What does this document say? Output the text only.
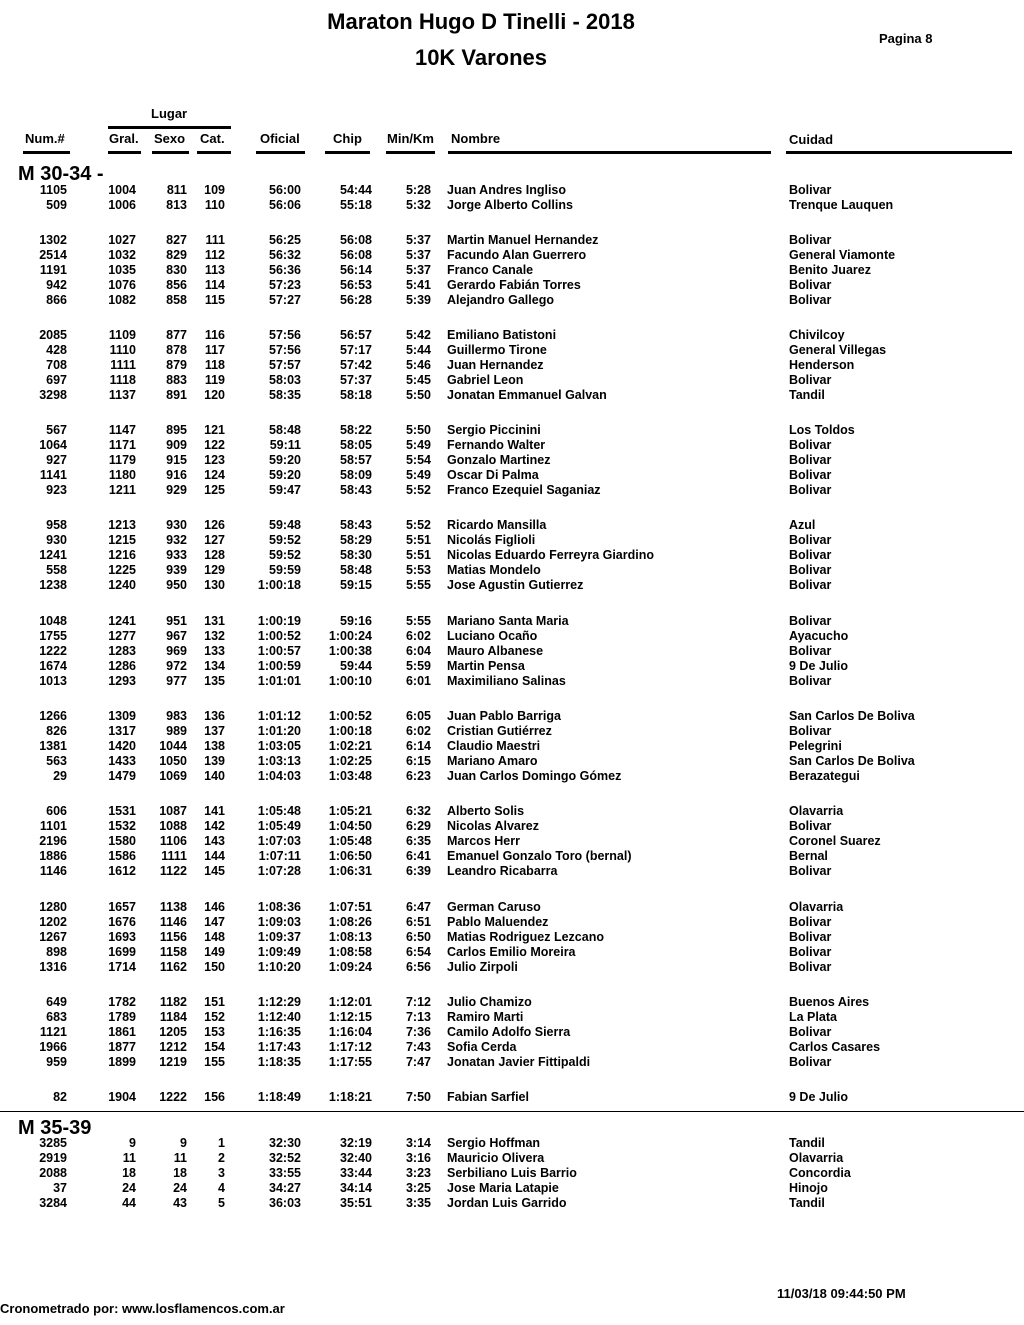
Maraton Hugo D Tinelli - 2018
10K Varones
Pagina 8
Lugar
Num.#	Gral. Sexo Cat.	Oficial	Chip Min/Km Nombre	Cuidad
M 30-34 -
1105	1004 811 109	56:00	54:44	5:28 Juan Andres Ingliso	Bolivar
509	1006 813 110	56:06	55:18	5:32 Jorge Alberto Collins	Trenque Lauquen
1302	1027 827 111	56:25	56:08	5:37 Martin Manuel Hernandez	Bolivar
2514	1032 829 112	56:32	56:08	5:37 Facundo Alan Guerrero	General Viamonte
1191	1035 830 113	56:36	56:14	5:37 Franco Canale	Benito Juarez
942	1076 856 114	57:23	56:53	5:41 Gerardo Fabián Torres	Bolivar
866	1082 858 115	57:27	56:28	5:39 Alejandro Gallego	Bolivar
2085	1109 877 116	57:56	56:57	5:42 Emiliano Batistoni	Chivilcoy
428	1110 878 117	57:56	57:17	5:44 Guillermo Tirone	General Villegas
708	1111 879 118	57:57	57:42	5:46 Juan Hernandez	Henderson
697	1118 883 119	58:03	57:37	5:45 Gabriel Leon	Bolivar
3298	1137 891 120	58:35	58:18	5:50 Jonatan Emmanuel Galvan	Tandil
567	1147 895 121	58:48	58:22	5:50 Sergio Piccinini	Los Toldos
1064	1171 909 122	59:11	58:05	5:49 Fernando Walter	Bolivar
927	1179 915 123	59:20	58:57	5:54 Gonzalo Martinez	Bolivar
1141	1180 916 124	59:20	58:09	5:49 Oscar Di Palma	Bolivar
923	1211 929 125	59:47	58:43	5:52 Franco Ezequiel Saganiaz	Bolivar
958	1213 930 126	59:48	58:43	5:52 Ricardo Mansilla	Azul
930	1215 932 127	59:52	58:29	5:51 Nicolás Figlioli	Bolivar
1241	1216 933 128	59:52	58:30	5:51 Nicolas Eduardo Ferreyra Giardino	Bolivar
558	1225 939 129	59:59	58:48	5:53 Matias Mondelo	Bolivar
1238	1240 950 130	1:00:18	59:15	5:55 Jose Agustin Gutierrez	Bolivar
1048	1241 951 131	1:00:19	59:16	5:55 Mariano Santa Maria	Bolivar
1755	1277 967 132	1:00:52 1:00:24	6:02 Luciano Ocaño	Ayacucho
1222	1283 969 133	1:00:57 1:00:38	6:04 Mauro Albanese	Bolivar
1674	1286 972 134	1:00:59	59:44	5:59 Martin Pensa	9 De Julio
1013	1293 977 135	1:01:01 1:00:10	6:01 Maximiliano Salinas	Bolivar
1266	1309 983 136	1:01:12 1:00:52	6:05 Juan Pablo Barriga	San Carlos De Boliva
826	1317 989 137	1:01:20 1:00:18	6:02 Cristian Gutiérrez	Bolivar
1381	1420 1044 138	1:03:05 1:02:21	6:14 Claudio Maestri	Pelegrini
563	1433 1050 139	1:03:13 1:02:25	6:15 Mariano Amaro	San Carlos De Boliva
29	1479 1069 140	1:04:03 1:03:48	6:23 Juan Carlos Domingo Gómez	Berazategui
606	1531 1087 141	1:05:48 1:05:21	6:32 Alberto Solis	Olavarria
1101	1532 1088 142	1:05:49 1:04:50	6:29 Nicolas Alvarez	Bolivar
2196	1580 1106 143	1:07:03 1:05:48	6:35 Marcos Herr	Coronel Suarez
1886	1586 1111 144	1:07:11 1:06:50	6:41 Emanuel Gonzalo Toro (bernal)	Bernal
1146	1612 1122 145	1:07:28 1:06:31	6:39 Leandro Ricabarra	Bolivar
1280	1657 1138 146	1:08:36 1:07:51	6:47 German Caruso	Olavarria
1202	1676 1146 147	1:09:03 1:08:26	6:51 Pablo Maluendez	Bolivar
1267	1693 1156 148	1:09:37 1:08:13	6:50 Matias Rodriguez Lezcano	Bolivar
898	1699 1158 149	1:09:49 1:08:58	6:54 Carlos Emilio Moreira	Bolivar
1316	1714 1162 150	1:10:20 1:09:24	6:56 Julio Zirpoli	Bolivar
649	1782 1182 151	1:12:29 1:12:01	7:12 Julio Chamizo	Buenos Aires
683	1789 1184 152	1:12:40 1:12:15	7:13 Ramiro Marti	La Plata
1121	1861 1205 153	1:16:35 1:16:04	7:36 Camilo Adolfo Sierra	Bolivar
1966	1877 1212 154	1:17:43 1:17:12	7:43 Sofia Cerda	Carlos Casares
959	1899 1219 155	1:18:35 1:17:55	7:47 Jonatan Javier Fittipaldi	Bolivar
82	1904 1222 156	1:18:49 1:18:21	7:50 Fabian Sarfiel	9 De Julio
M 35-39
3285	9	9 1	32:30	32:19	3:14 Sergio Hoffman	Tandil
2919	11	11 2	32:52	32:40	3:16 Mauricio Olivera	Olavarria
2088	18	18 3	33:55	33:44	3:23 Serbiliano Luis Barrio	Concordia
37	24	24 4	34:27	34:14	3:25 Jose Maria Latapie	Hinojo
3284	44	43 5	36:03	35:51	3:35 Jordan Luis Garrido	Tandil
11/03/18 09:44:50 PM
Cronometrado por: www.losflamencos.com.ar
